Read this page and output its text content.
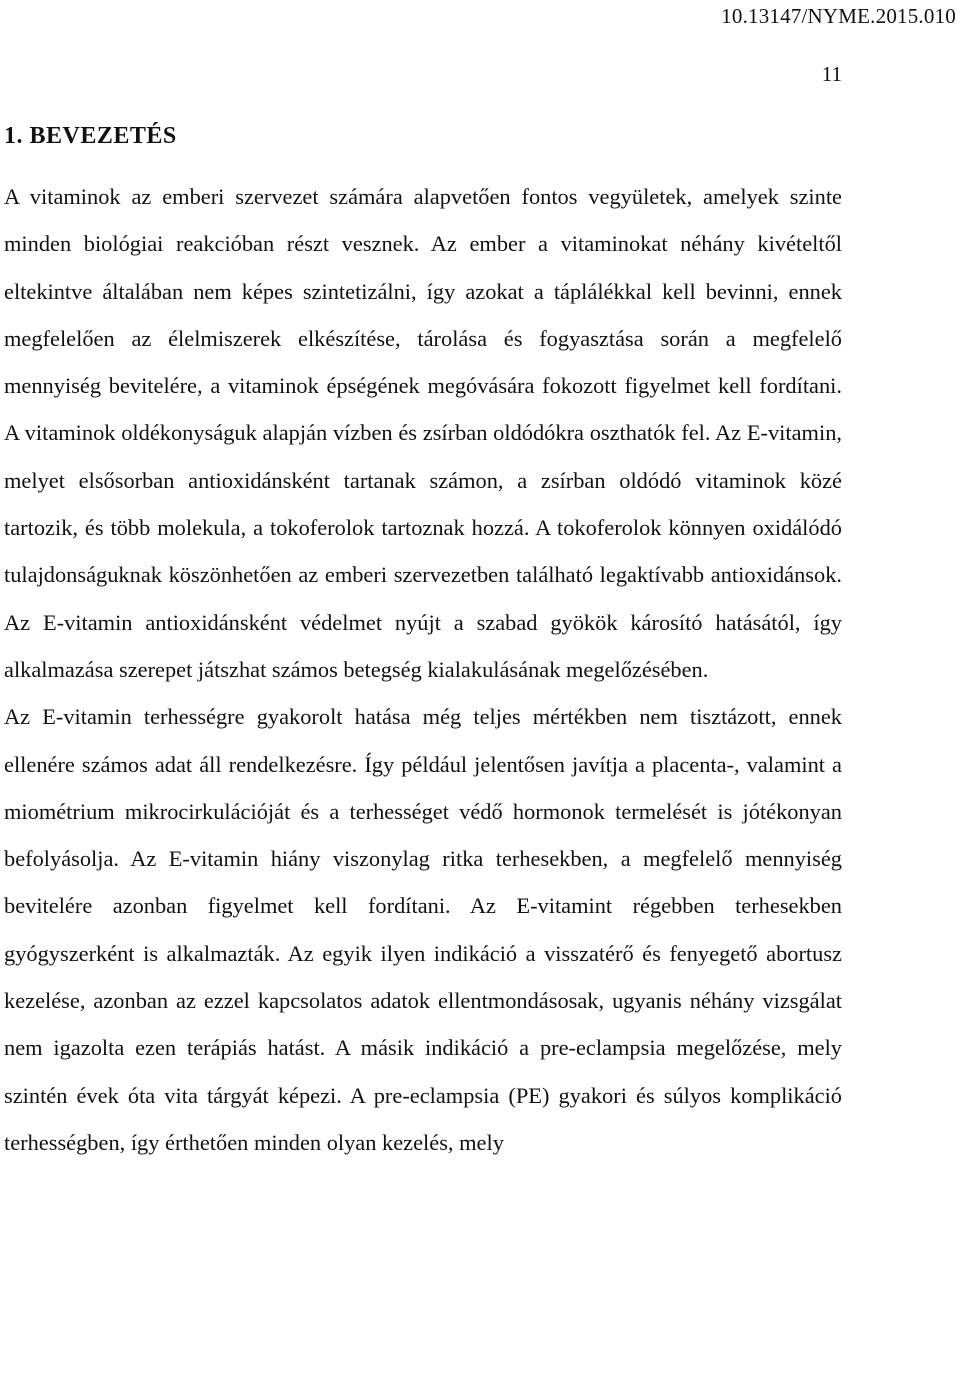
10.13147/NYME.2015.010
11
1. BEVEZETÉS

A vitaminok az emberi szervezet számára alapvetően fontos vegyületek, amelyek szinte minden biológiai reakcióban részt vesznek. Az ember a vitaminokat néhány kivételtől eltekintve általában nem képes szintetizálni, így azokat a táplálékkal kell bevinni, ennek megfelelően az élelmiszerek elkészítése, tárolása és fogyasztása során a megfelelő mennyiség bevitelére, a vitaminok épségének megóvására fokozott figyelmet kell fordítani. A vitaminok oldékonyságuk alapján vízben és zsírban oldódókra oszthatók fel. Az E-vitamin, melyet elsősorban antioxidánsként tartanak számon, a zsírban oldódó vitaminok közé tartozik, és több molekula, a tokoferolok tartoznak hozzá. A tokoferolok könnyen oxidálódó tulajdonságuknak köszönhetően az emberi szervezetben található legaktívabb antioxidánsok. Az E-vitamin antioxidánsként védelmet nyújt a szabad gyökök károsító hatásától, így alkalmazása szerepet játszhat számos betegség kialakulásának megelőzésében.

Az E-vitamin terhességre gyakorolt hatása még teljes mértékben nem tisztázott, ennek ellenére számos adat áll rendelkezésre. Így például jelentősen javítja a placenta-, valamint a miométrium mikrocirkulációját és a terhességet védő hormonok termelését is jótékonyan befolyásolja. Az E-vitamin hiány viszonylag ritka terhesekben, a megfelelő mennyiség bevitelére azonban figyelmet kell fordítani. Az E-vitamint régebben terhesekben gyógyszerként is alkalmazták. Az egyik ilyen indikáció a visszatérő és fenyegető abortusz kezelése, azonban az ezzel kapcsolatos adatok ellentmondásosak, ugyanis néhány vizsgálat nem igazolta ezen terápiás hatást. A másik indikáció a pre-eclampsia megelőzése, mely szintén évek óta vita tárgyát képezi. A pre-eclampsia (PE) gyakori és súlyos komplikáció terhességben, így érthetően minden olyan kezelés, mely
